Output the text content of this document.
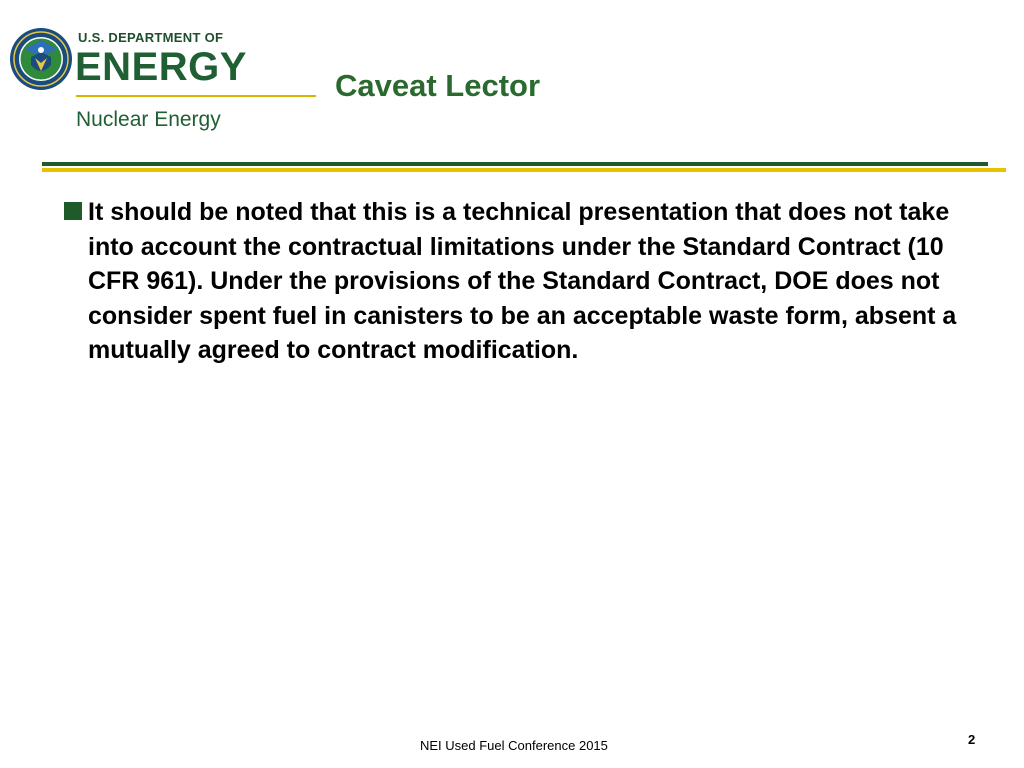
U.S. DEPARTMENT OF
ENERGY
Nuclear Energy
Caveat Lector
It should be noted that this is a technical presentation that does not take into account the contractual limitations under the Standard Contract (10 CFR 961). Under the provisions of the Standard Contract, DOE does not consider spent fuel in canisters to be an acceptable waste form, absent a mutually agreed to contract modification.
NEI Used Fuel Conference 2015	2
